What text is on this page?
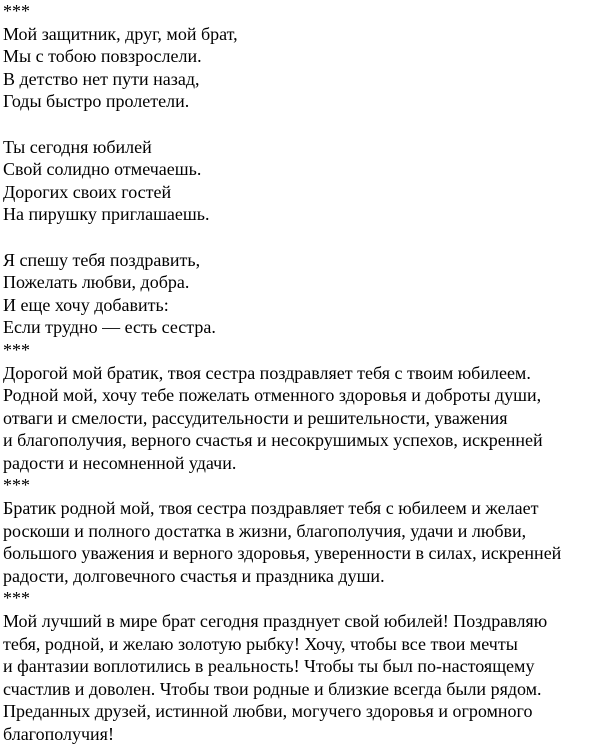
***
Мой защитник, друг, мой брат,
Мы с тобою повзрослели.
В детство нет пути назад,
Годы быстро пролетели.
Ты сегодня юбилей
Свой солидно отмечаешь.
Дорогих своих гостей
На пирушку приглашаешь.
Я спешу тебя поздравить,
Пожелать любви, добра.
И еще хочу добавить:
Если трудно — есть сестра.
***
Дорогой мой братик, твоя сестра поздравляет тебя с твоим юбилеем.
Родной мой, хочу тебе пожелать отменного здоровья и доброты души,
отваги и смелости, рассудительности и решительности, уважения
и благополучия, верного счастья и несокрушимых успехов, искренней
радости и несомненной удачи.
***
Братик родной мой, твоя сестра поздравляет тебя с юбилеем и желает
роскоши и полного достатка в жизни, благополучия, удачи и любви,
большого уважения и верного здоровья, уверенности в силах, искренней
радости, долговечного счастья и праздника души.
***
Мой лучший в мире брат сегодня празднует свой юбилей! Поздравляю
тебя, родной, и желаю золотую рыбку! Хочу, чтобы все твои мечты
и фантазии воплотились в реальность! Чтобы ты был по-настоящему
счастлив и доволен. Чтобы твои родные и близкие всегда были рядом.
Преданных друзей, истинной любви, могучего здоровья и огромного
благополучия!
